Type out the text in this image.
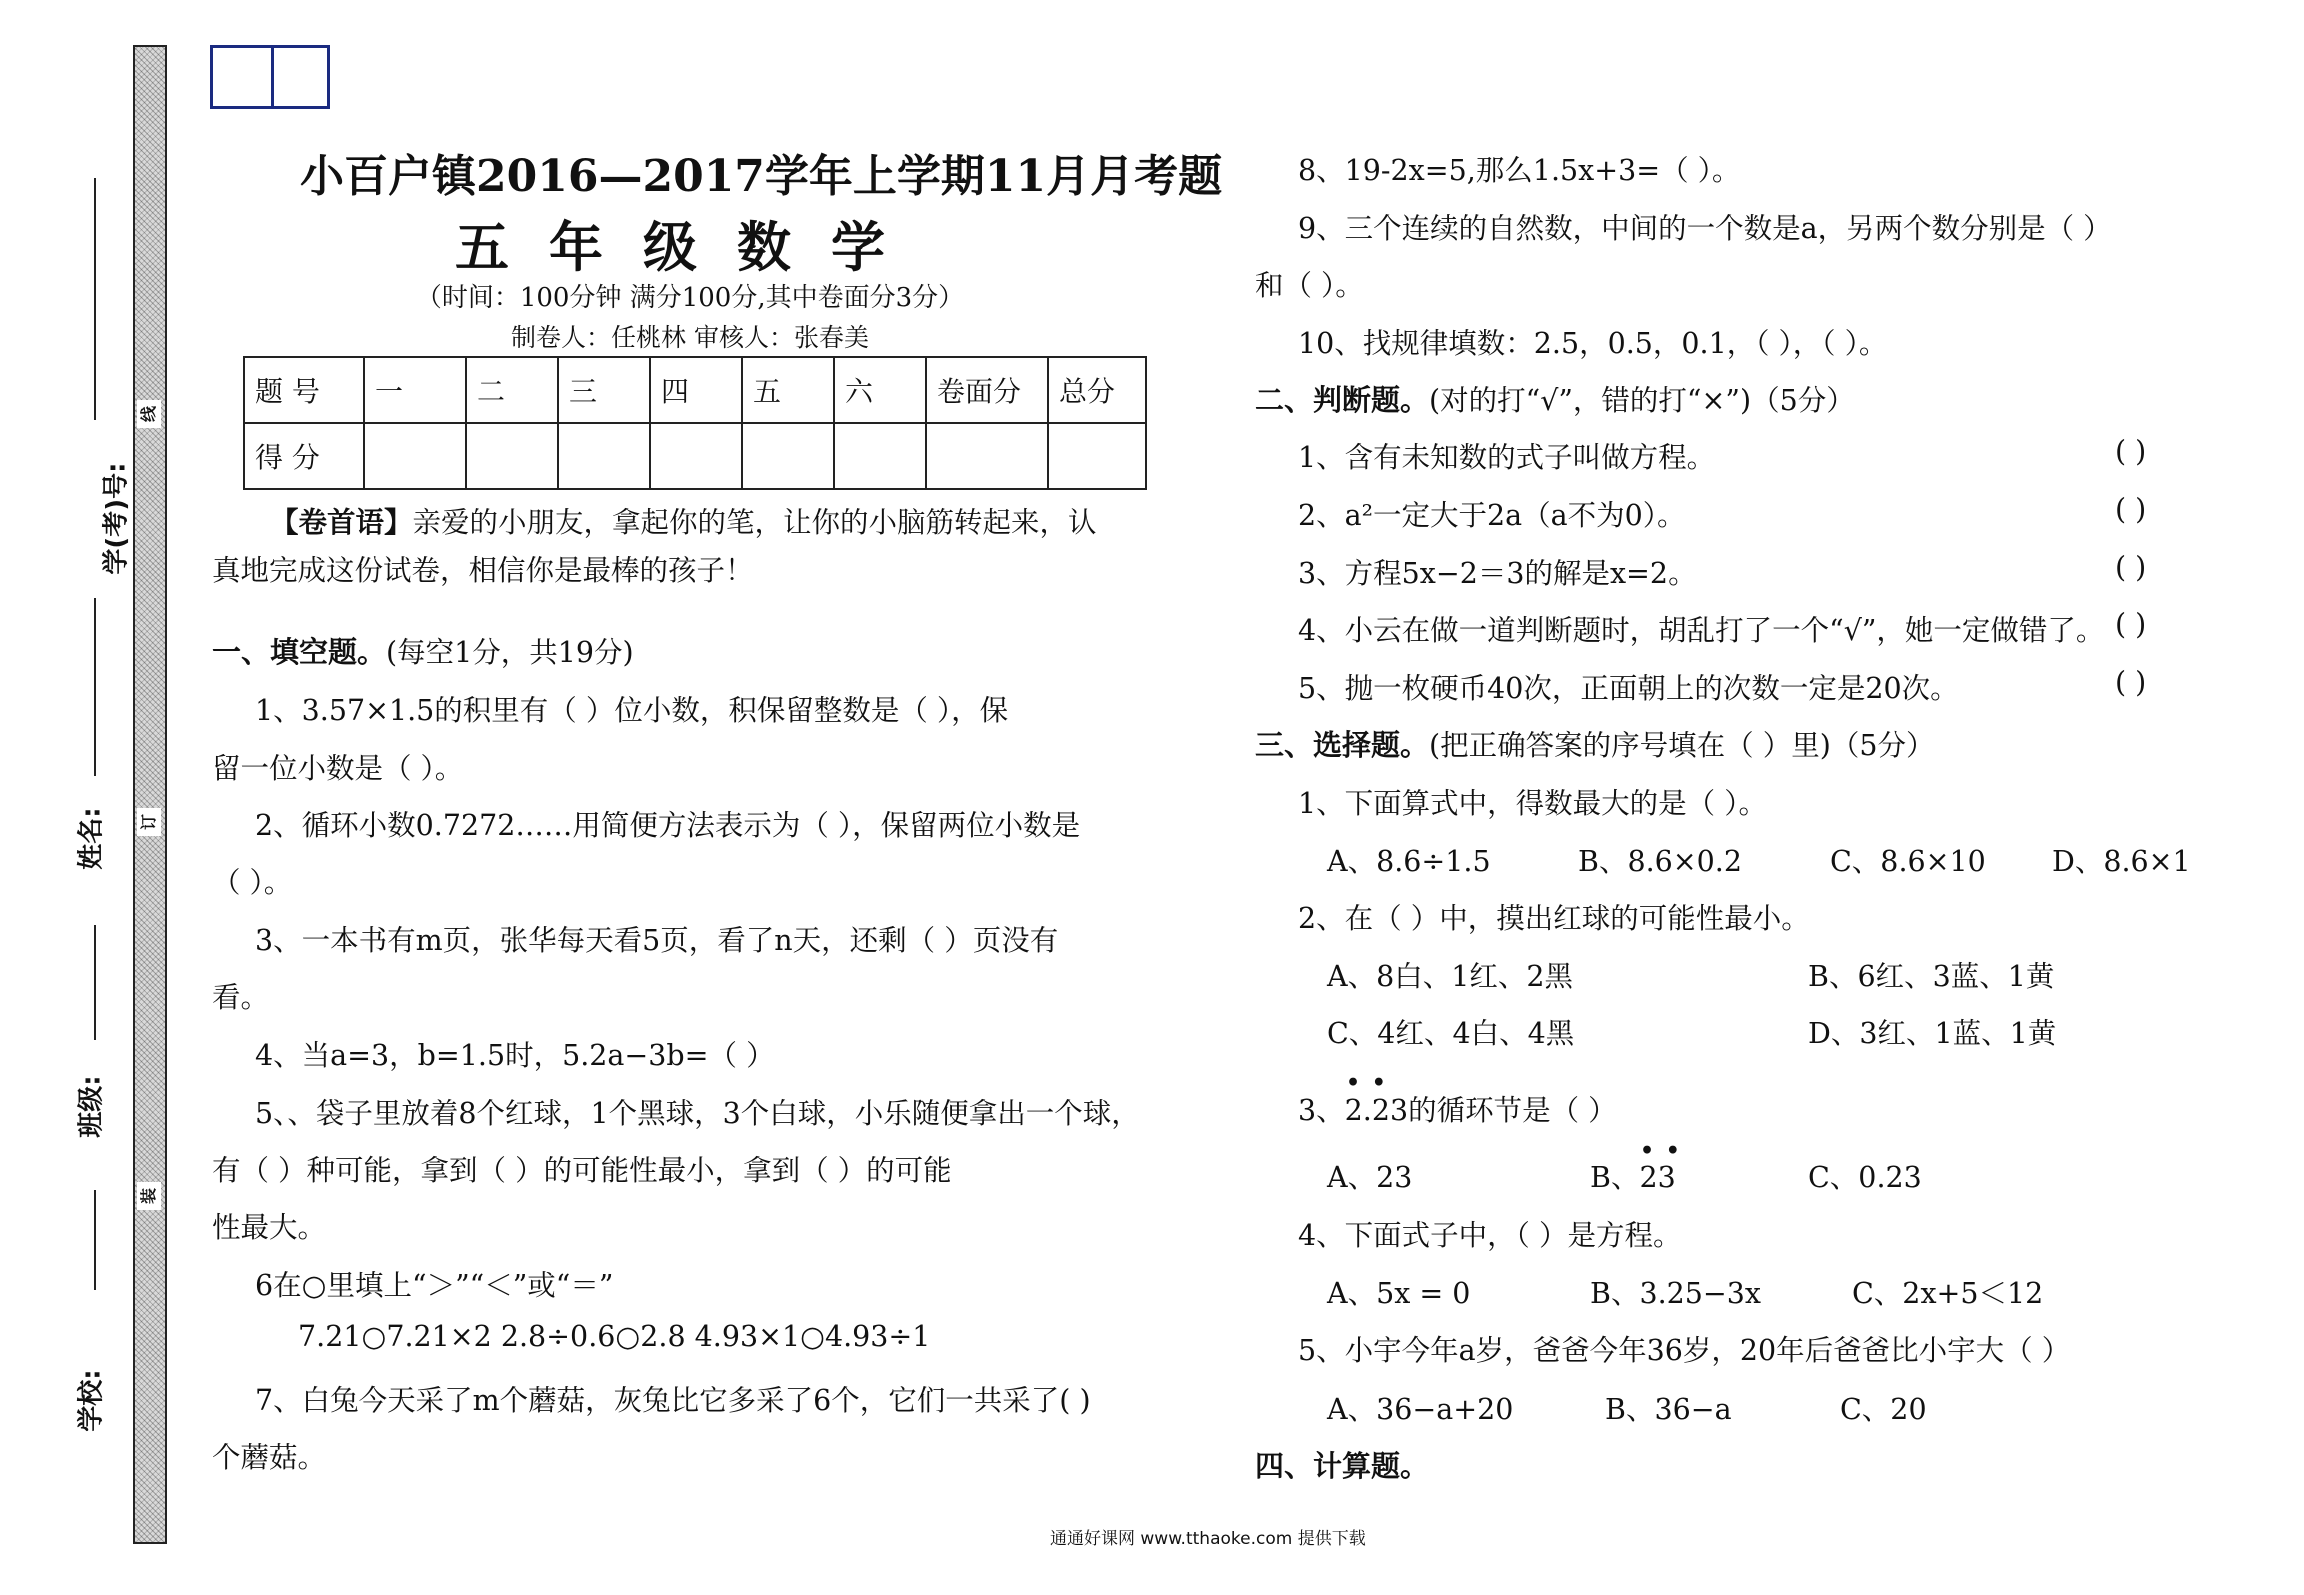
线
订
装
学(考)号:
姓名:
班级:
学校:
小百户镇2016—2017学年上学期11月月考题
五年级数学
（时间：100分钟 满分100分,其中卷面分3分）
制卷人：任桃林 审核人：张春美
题 号	一	二	三	四	五	六	卷面分	总分
得 分								
【卷首语】亲爱的小朋友，拿起你的笔，让你的小脑筋转起来，认
真地完成这份试卷，相信你是最棒的孩子！
一、填空题。(每空1分，共19分)
1、3.57×1.5的积里有（ ）位小数，积保留整数是（ ），保
留一位小数是（ ）。
2、循环小数0.7272……用简便方法表示为（ ），保留两位小数是
（ ）。
3、一本书有m页，张华每天看5页，看了n天，还剩（ ）页没有
看。
4、当a=3，b=1.5时，5.2a−3b=（ ）
5、、袋子里放着8个红球，1个黑球，3个白球，小乐随便拿出一个球，
有（ ）种可能，拿到（ ）的可能性最小，拿到（ ）的可能
性最大。
6在○里填上“＞”“＜”或“＝”
7.21○7.21×2 2.8÷0.6○2.8 4.93×1○4.93÷1
7、白兔今天采了m个蘑菇，灰兔比它多采了6个，它们一共采了( )
个蘑菇。
8、19-2x=5,那么1.5x+3=（ ）。
9、三个连续的自然数，中间的一个数是a，另两个数分别是（ ）
和（ ）。
10、找规律填数：2.5，0.5，0.1，（ ），（ ）。
二、判断题。(对的打“√”，错的打“×”)（5分）
1、含有未知数的式子叫做方程。	( )
2、a²一定大于2a（a不为0）。	( )
3、方程5x−2＝3的解是x=2。	( )
4、小云在做一道判断题时，胡乱打了一个“√”，她一定做错了。 ( )
5、抛一枚硬币40次，正面朝上的次数一定是20次。	( )
三、选择题。(把正确答案的序号填在（ ）里)（5分）
1、下面算式中，得数最大的是（ ）。
A、8.6÷1.5	B、8.6×0.2	C、8.6×10 D、8.6×1
2、在（ ）中，摸出红球的可能性最小。
A、8白、1红、2黑	B、6红、3蓝、1黄
C、4红、4白、4黑	D、3红、1蓝、1黄
• •
3、2.23的循环节是（ ）
A、23
• •
B、23	C、0.23
4、下面式子中，（ ）是方程。
A、5x = 0	B、3.25−3x	C、2x+5＜12
5、小宇今年a岁，爸爸今年36岁，20年后爸爸比小宇大（ ）
A、36−a+20	B、36−a	C、20
四、计算题。
通通好课网 www.tthaoke.com 提供下载
